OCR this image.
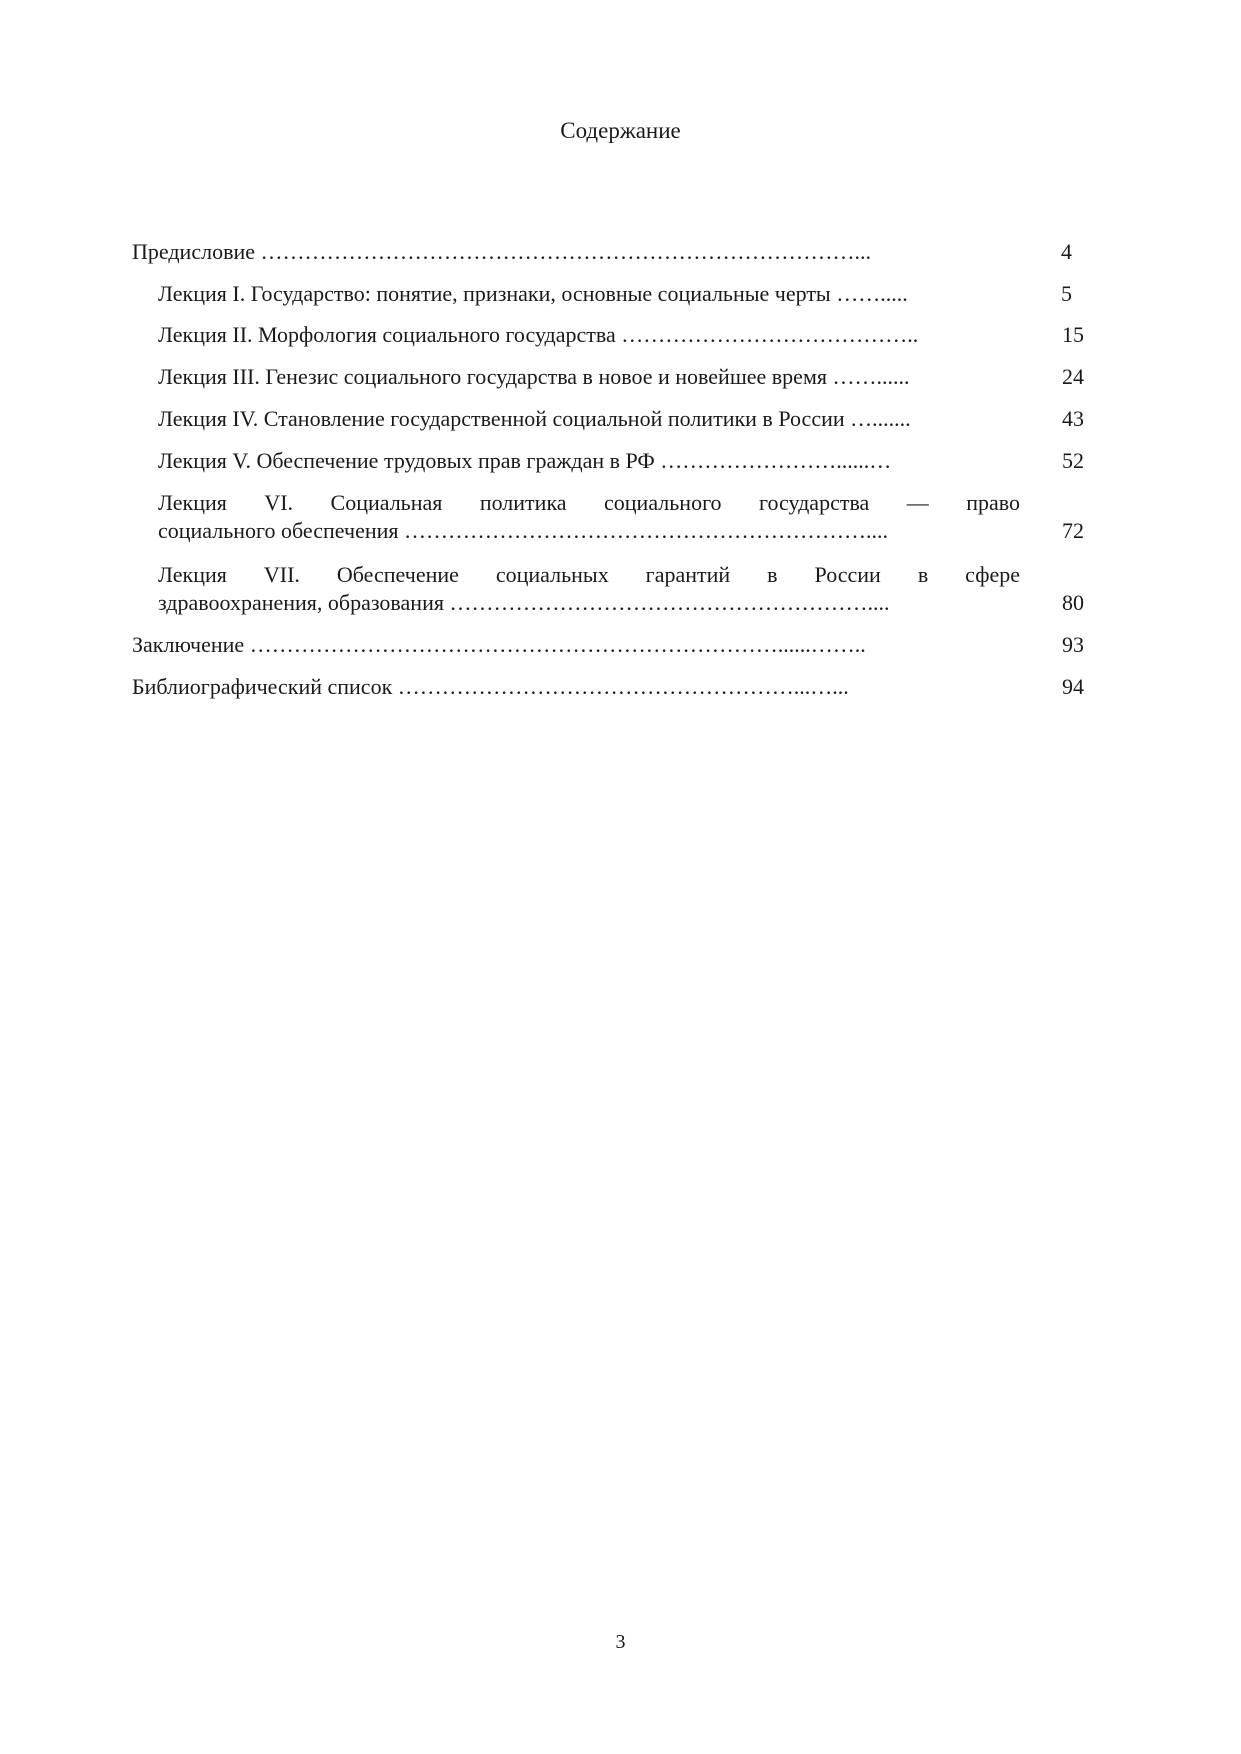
Содержание
Предисловие ………………………………………………………………………...	4
Лекция I. Государство: понятие, признаки, основные социальные черты …….....	5
Лекция II. Морфология социального государства …………………………………..	15
Лекция III. Генезис социального государства в новое и новейшее время ……......	24
Лекция IV. Становление государственной социальной политики в России ….......	43
Лекция V. Обеспечение трудовых прав граждан в РФ ……………………......…	52
Лекция VI. Социальная политика социального государства — право
социального обеспечения ………………………………………………………....	72
Лекция VII. Обеспечение социальных гарантий в России в сфере
здравоохранения, образования …………………………………………………....	80
Заключение ………………………………………………………………......……..	93
Библиографический список ………………………………………………...…...	94
3
